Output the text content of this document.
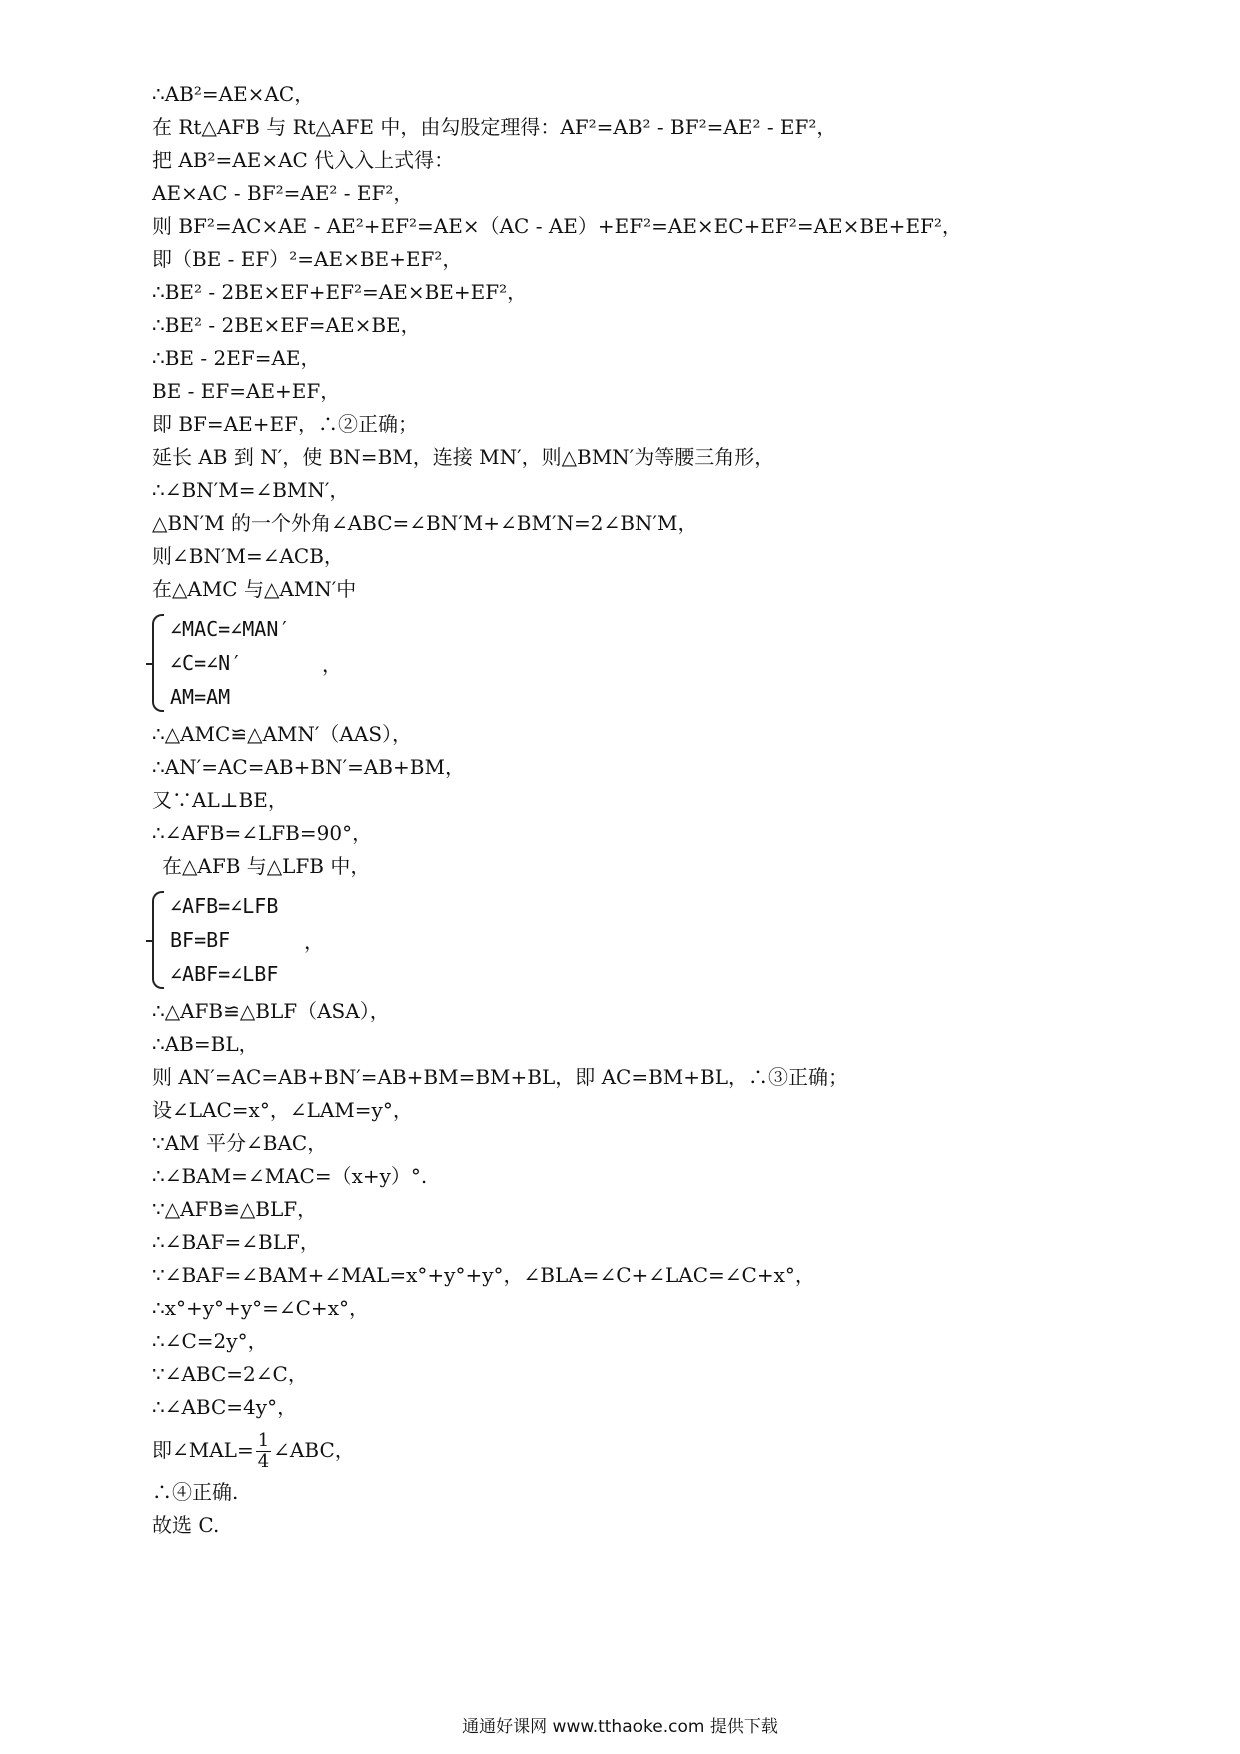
∴AB²=AE×AC，
在 Rt△AFB 与 Rt△AFE 中，由勾股定理得：AF²=AB² - BF²=AE² - EF²，
把 AB²=AE×AC 代入入上式得：
AE×AC - BF²=AE² - EF²，
则 BF²=AC×AE - AE²+EF²=AE×（AC - AE）+EF²=AE×EC+EF²=AE×BE+EF²，
即（BE - EF）²=AE×BE+EF²，
∴BE² - 2BE×EF+EF²=AE×BE+EF²，
∴BE² - 2BE×EF=AE×BE，
∴BE - 2EF=AE，
BE - EF=AE+EF，
即 BF=AE+EF，∴②正确；
延长 AB 到 N′，使 BN=BM，连接 MN′，则△BMN′为等腰三角形，
∴∠BN′M=∠BMN′，
△BN′M 的一个外角∠ABC=∠BN′M+∠BM′N=2∠BN′M，
则∠BN′M=∠ACB，
在△AMC 与△AMN′中
∠MAC=∠MAN′
∠C=∠N′
AM=AM
，
∴△AMC≌△AMN′（AAS），
∴AN′=AC=AB+BN′=AB+BM，
又∵AL⊥BE，
∴∠AFB=∠LFB=90°，
在△AFB 与△LFB 中，
∠AFB=∠LFB
BF=BF
∠ABF=∠LBF
，
∴△AFB≌△BLF（ASA），
∴AB=BL，
则 AN′=AC=AB+BN′=AB+BM=BM+BL，即 AC=BM+BL，∴③正确；
设∠LAC=x°，∠LAM=y°，
∵AM 平分∠BAC，
∴∠BAM=∠MAC=（x+y）°.
∵△AFB≌△BLF，
∴∠BAF=∠BLF，
∵∠BAF=∠BAM+∠MAL=x°+y°+y°，∠BLA=∠C+∠LAC=∠C+x°，
∴x°+y°+y°=∠C+x°，
∴∠C=2y°，
∵∠ABC=2∠C，
∴∠ABC=4y°，
即∠MAL= $\frac{1}{4}$ ∠ABC，
∴④正确.
故选 C.
通通好课网 www.tthaoke.com 提供下载
